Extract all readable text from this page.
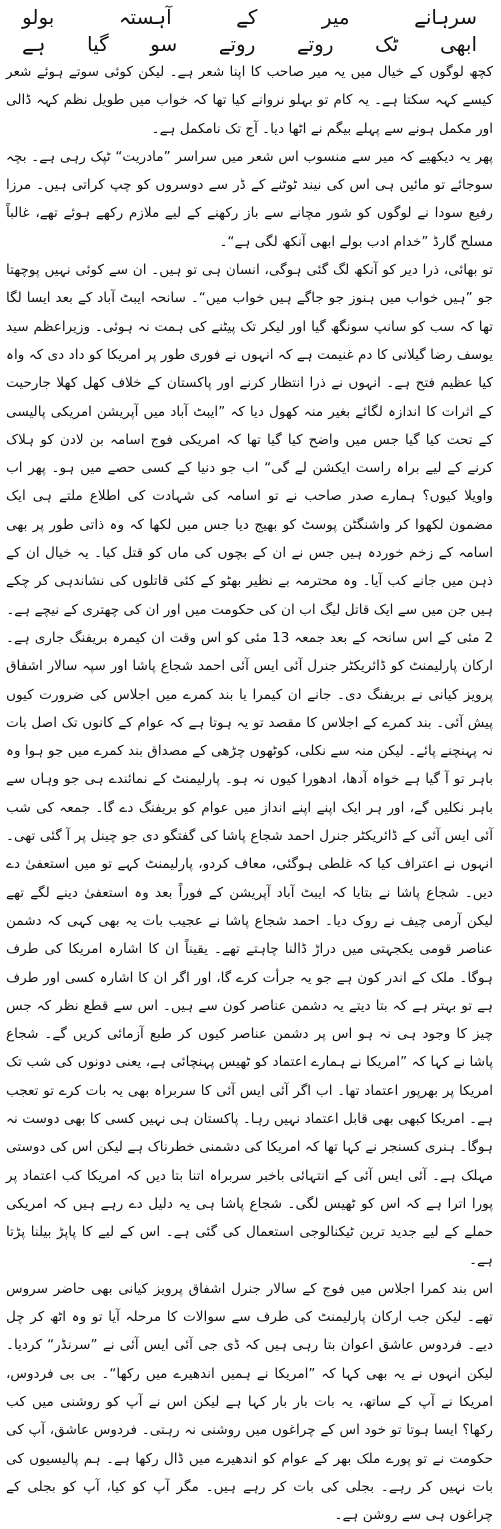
سرہانے
میر
کے
آہستہ
بولو
ابھی
ٹک
روتے
روتے
سو
گیا
ہے

کچھ لوگوں کے خیال میں یہ میر صاحب کا اپنا شعر ہے۔ لیکن کوئی سوتے ہوئے شعر کیسے کہہ سکتا ہے۔ یہ کام تو بہلو نروانے کیا تھا کہ خواب میں طویل نظم کہہ ڈالی اور مکمل ہونے سے پہلے بیگم نے اٹھا دیا۔ آج تک نامکمل ہے۔

پھر یہ دیکھیے کہ میر سے منسوب اس شعر میں سراسر ”مادریت“ ٹپک رہی ہے۔ بچہ سوجائے تو مائیں ہی اس کی نیند ٹوٹنے کے ڈر سے دوسروں کو چپ کراتی ہیں۔ مرزا رفیع سودا نے لوگوں کو شور مچانے سے باز رکھنے کے لیے ملازم رکھے ہوئے تھے، غالباً مسلح گارڈ ”خدام ادب بولے ابھی آنکھ لگی ہے“۔

تو بھائی، ذرا دیر کو آنکھ لگ گئی ہوگی، انسان ہی تو ہیں۔ ان سے کوئی نہیں پوچھتا جو ”ہیں خواب میں ہنوز جو جاگے ہیں خواب میں“۔ سانحہ ایبٹ آباد کے بعد ایسا لگا تھا کہ سب کو سانپ سونگھ گیا اور لیکر تک پیٹنے کی ہمت نہ ہوئی۔ وزیراعظم سید یوسف رضا گیلانی کا دم غنیمت ہے کہ انہوں نے فوری طور پر امریکا کو داد دی کہ واہ کیا عظیم فتح ہے۔ انہوں نے ذرا انتظار کرنے اور پاکستان کے خلاف کھل کھلا جارحیت کے اثرات کا اندازہ لگائے بغیر منہ کھول دیا کہ ”ایبٹ آباد میں آپریشن امریکی پالیسی کے تحت کیا گیا جس میں واضح کیا گیا تھا کہ امریکی فوج اسامہ بن لادن کو ہلاک کرنے کے لیے براہ راست ایکشن لے گی“ اب جو دنیا کے کسی حصے میں ہو۔ پھر اب واویلا کیوں؟ ہمارے صدر صاحب نے تو اسامہ کی شہادت کی اطلاع ملتے ہی ایک مضمون لکھوا کر واشنگٹن پوسٹ کو بھیج دیا جس میں لکھا کہ وہ ذاتی طور پر بھی اسامہ کے زخم خوردہ ہیں جس نے ان کے بچوں کی ماں کو قتل کیا۔ یہ خیال ان کے ذہن میں جانے کب آیا۔ وہ محترمہ بے نظیر بھٹو کے کئی قاتلوں کی نشاندہی کر چکے ہیں جن میں سے ایک قاتل لیگ اب ان کی حکومت میں اور ان کی چھتری کے نیچے ہے۔

2 مئی کے اس سانحہ کے بعد جمعہ 13 مئی کو اس وقت ان کیمرہ بریفنگ جاری ہے۔ ارکان پارلیمنٹ کو ڈائریکٹر جنرل آئی ایس آئی احمد شجاع پاشا اور سپہ سالار اشفاق پرویز کیانی نے بریفنگ دی۔ جانے ان کیمرا یا بند کمرے میں اجلاس کی ضرورت کیوں پیش آئی۔ بند کمرے کے اجلاس کا مقصد تو یہ ہوتا ہے کہ عوام کے کانوں تک اصل بات نہ پہنچنے پائے۔ لیکن منہ سے نکلی، کوٹھوں چڑھی کے مصداق بند کمرے میں جو ہوا وہ باہر تو آ گیا ہے خواہ آدھا، ادھورا کیوں نہ ہو۔ پارلیمنٹ کے نمائندے ہی جو وہاں سے باہر نکلیں گے، اور ہر ایک اپنے اپنے انداز میں عوام کو بریفنگ دے گا۔ جمعہ کی شب آئی ایس آئی کے ڈائریکٹر جنرل احمد شجاع پاشا کی گفتگو دی جو چینل پر آ گئی تھی۔ انہوں نے اعتراف کیا کہ غلطی ہوگئی، معاف کردو، پارلیمنٹ کہے تو میں استعفیٰ دے دیں۔ شجاع پاشا نے بتایا کہ ایبٹ آباد آپریشن کے فوراً بعد وہ استعفیٰ دینے لگے تھے لیکن آرمی چیف نے روک دیا۔ احمد شجاع پاشا نے عجیب بات یہ بھی کہی کہ دشمن عناصر قومی یکجہتی میں دراڑ ڈالنا چاہتے تھے۔ یقیناً ان کا اشارہ امریکا کی طرف ہوگا۔ ملک کے اندر کون ہے جو یہ جرأت کرے گا، اور اگر ان کا اشارہ کسی اور طرف ہے تو بہتر ہے کہ بتا دیتے یہ دشمن عناصر کون سے ہیں۔ اس سے قطع نظر کہ جس چیز کا وجود ہی نہ ہو اس پر دشمن عناصر کیوں کر طبع آزمائی کریں گے۔ شجاع پاشا نے کہا کہ ”امریکا نے ہمارے اعتماد کو ٹھیس پہنچائی ہے، یعنی دونوں کی شب تک امریکا پر بھرپور اعتماد تھا۔ اب اگر آئی ایس آئی کا سربراہ بھی یہ بات کرے تو تعجب ہے۔ امریکا کبھی بھی قابل اعتماد نہیں رہا۔ پاکستان ہی نہیں کسی کا بھی دوست نہ ہوگا۔ ہنری کسنجر نے کہا تھا کہ امریکا کی دشمنی خطرناک ہے لیکن اس کی دوستی مہلک ہے۔ آئی ایس آئی کے انتہائی باخبر سربراہ اتنا بتا دیں کہ امریکا کب اعتماد پر پورا اترا ہے کہ اس کو ٹھیس لگی۔ شجاع پاشا ہی یہ دلیل دے رہے ہیں کہ امریکی حملے کے لیے جدید ترین ٹیکنالوجی استعمال کی گئی ہے۔ اس کے لیے کا پاپڑ بیلنا پڑتا ہے۔

اس بند کمرا اجلاس میں فوج کے سالار جنرل اشفاق پرویز کیانی بھی حاضر سروس تھے۔ لیکن جب ارکان پارلیمنٹ کی طرف سے سوالات کا مرحلہ آیا تو وہ اٹھ کر چل دیے۔ فردوس عاشق اعوان بتا رہی ہیں کہ ڈی جی آئی ایس آئی نے ”سرنڈر“ کردیا۔ لیکن انہوں نے یہ بھی کہا کہ ”امریکا نے ہمیں اندھیرے میں رکھا“۔ بی بی فردوس، امریکا نے آپ کے ساتھ، یہ بات بار بار کہا ہے لیکن اس نے آپ کو روشنی میں کب رکھا؟ ایسا ہوتا تو خود اس کے چراغوں میں روشنی نہ رہتی۔ فردوس عاشق، آپ کی حکومت نے تو پورے ملک بھر کے عوام کو اندھیرے میں ڈال رکھا ہے۔ ہم پالیسیوں کی بات نہیں کر رہے۔ بجلی کی بات کر رہے ہیں۔ مگر آپ کو کیا، آپ کو بجلی کے چراغوں ہی سے روشن ہے۔
